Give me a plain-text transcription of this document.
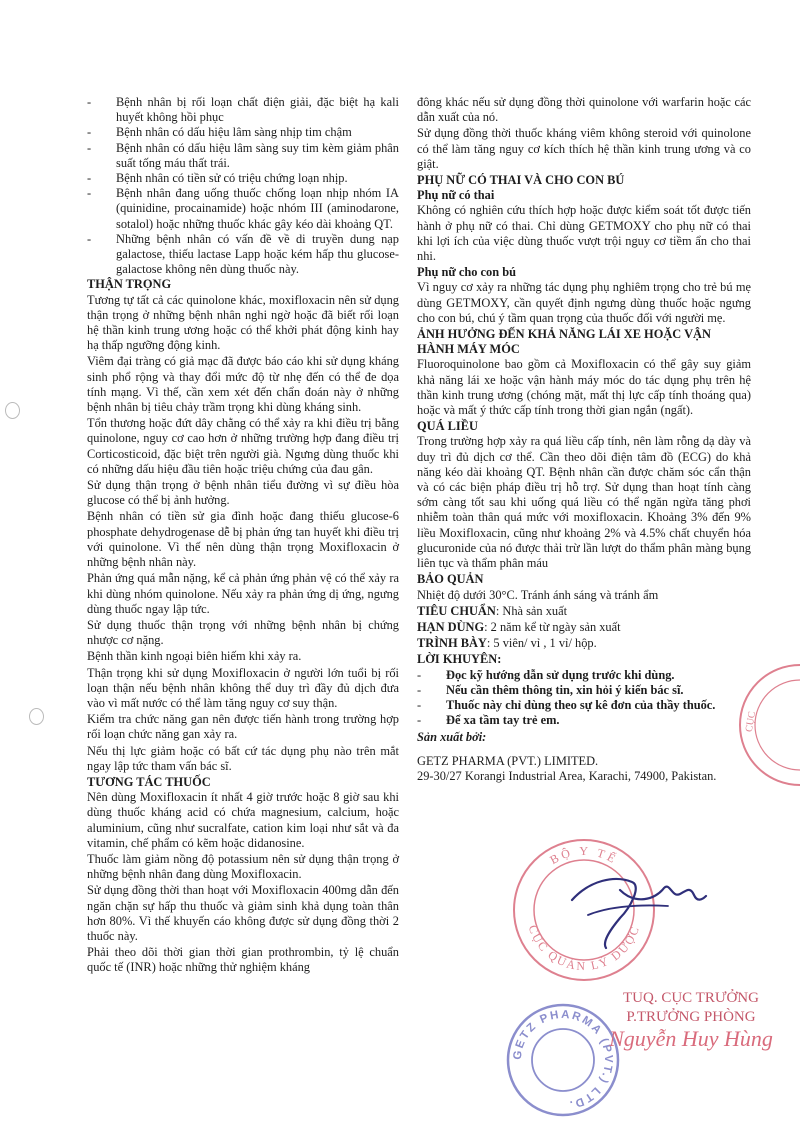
-	Bệnh nhân bị rối loạn chất điện giải, đặc biệt hạ kali huyết không hồi phục
-	Bệnh nhân có dấu hiệu lâm sàng nhịp tim chậm
-	Bệnh nhân có dấu hiệu lâm sàng suy tim kèm giảm phân suất tống máu thất trái.
-	Bệnh nhân có tiền sử có triệu chứng loạn nhịp.
-	Bệnh nhân đang uống thuốc chống loạn nhịp nhóm IA (quinidine, procainamide) hoặc nhóm III (aminodarone, sotalol) hoặc những thuốc khác gây kéo dài khoảng QT.
-	Những bệnh nhân có vấn đề về di truyền dung nạp galactose, thiếu lactase Lapp hoặc kém hấp thu glucose-galactose không nên dùng thuốc này.
THẬN TRỌNG

Tương tự tất cả các quinolone khác, moxifloxacin nên sử dụng thận trọng ở những bệnh nhân nghi ngờ hoặc đã biết rối loạn hệ thần kinh trung ương hoặc có thể khởi phát động kinh hay hạ thấp ngưỡng động kinh.

Viêm đại tràng có giả mạc đã được báo cáo khi sử dụng kháng sinh phổ rộng và thay đổi mức độ từ nhẹ đến có thể đe dọa tính mạng. Vì thế, cần xem xét đến chẩn đoán này ở những bệnh nhân bị tiêu chảy trầm trọng khi dùng kháng sinh.

Tổn thương hoặc đứt dây chằng có thể xảy ra khi điều trị bằng quinolone, nguy cơ cao hơn ở những trường hợp đang điều trị Corticosticoid, đặc biệt trên người già. Ngưng dùng thuốc khi có những dấu hiệu đầu tiên hoặc triệu chứng của đau gân.

Sử dụng thận trọng ở bệnh nhân tiểu đường vì sự điều hòa glucose có thể bị ảnh hưởng.

Bệnh nhân có tiền sử gia đình hoặc đang thiếu glucose-6 phosphate dehydrogenase dễ bị phản ứng tan huyết khi điều trị với quinolone. Vì thế nên dùng thận trọng Moxifloxacin ở những bệnh nhân này.

Phản ứng quá mẫn nặng, kể cả phản ứng phản vệ có thể xảy ra khi dùng nhóm quinolone. Nếu xảy ra phản ứng dị ứng, ngưng dùng thuốc ngay lập tức.

Sử dụng thuốc thận trọng với những bệnh nhân bị chứng nhược cơ nặng.

Bệnh thần kinh ngoại biên hiếm khi xảy ra.

Thận trọng khi sử dụng Moxifloxacin ở người lớn tuổi bị rối loạn thận nếu bệnh nhân không thể duy trì đầy đủ dịch đưa vào vì mất nước có thể làm tăng nguy cơ suy thận.

Kiểm tra chức năng gan nên được tiến hành trong trường hợp rối loạn chức năng gan xảy ra.

Nếu thị lực giảm hoặc có bất cứ tác dụng phụ nào trên mắt ngay lập tức tham vấn bác sĩ.

TƯƠNG TÁC THUỐC

Nên dùng Moxifloxacin ít nhất 4 giờ trước hoặc 8 giờ sau khi dùng thuốc kháng acid có chứa magnesium, calcium, hoặc aluminium, cũng như sucralfate, cation kim loại như sắt và đa vitamin, chế phẩm có kẽm hoặc didanosine.

Thuốc làm giảm nồng độ potassium nên sử dụng thận trọng ở những bệnh nhân đang dùng Moxifloxacin.

Sử dụng đồng thời than hoạt với Moxifloxacin 400mg dẫn đến ngăn chặn sự hấp thu thuốc và giảm sinh khả dụng toàn thân hơn 80%. Vì thế khuyến cáo không được sử dụng đồng thời 2 thuốc này.

Phải theo dõi thời gian thời gian prothrombin, tỷ lệ chuẩn quốc tế (INR) hoặc những thử nghiệm kháng

đông khác nếu sử dụng đồng thời quinolone với warfarin hoặc các dẫn xuất của nó.

Sử dụng đồng thời thuốc kháng viêm không steroid với quinolone có thể làm tăng nguy cơ kích thích hệ thần kinh trung ương và co giật.

PHỤ NỮ CÓ THAI VÀ CHO CON BÚ
Phụ nữ có thai

Không có nghiên cứu thích hợp hoặc được kiểm soát tốt được tiến hành ở phụ nữ có thai. Chỉ dùng GETMOXY cho phụ nữ có thai khi lợi ích của việc dùng thuốc vượt trội nguy cơ tiềm ẩn cho thai nhi.

Phụ nữ cho con bú

Vì nguy cơ xảy ra những tác dụng phụ nghiêm trọng cho trẻ bú mẹ dùng GETMOXY, cần quyết định ngưng dùng thuốc hoặc ngưng cho con bú, chú ý tầm quan trọng của thuốc đối với người mẹ.

ẢNH HƯỞNG ĐẾN KHẢ NĂNG LÁI XE HOẶC VẬN HÀNH MÁY MÓC

Fluoroquinolone bao gồm cả Moxifloxacin có thể gây suy giảm khả năng lái xe hoặc vận hành máy móc do tác dụng phụ trên hệ thần kinh trung ương (chóng mặt, mất thị lực cấp tính thoáng qua) hoặc và mất ý thức cấp tính trong thời gian ngắn (ngất).

QUÁ LIỀU

Trong trường hợp xảy ra quá liều cấp tính, nên làm rỗng dạ dày và duy trì đủ dịch cơ thể. Cần theo dõi điện tâm đồ (ECG) do khả năng kéo dài khoảng QT. Bệnh nhân cần được chăm sóc cẩn thận và có các biện pháp điều trị hỗ trợ. Sử dụng than hoạt tính càng sớm càng tốt sau khi uống quá liều có thể ngăn ngừa tăng phơi nhiễm toàn thân quá mức với moxifloxacin. Khoảng 3% đến 9% liều Moxifloxacin, cũng như khoảng 2% và 4.5% chất chuyển hóa glucuronide của nó được thải trừ lần lượt do thẩm phân màng bụng liên tục và thẩm phân máu

BẢO QUẢN

Nhiệt độ dưới 30°C. Tránh ánh sáng và tránh ẩm

TIÊU CHUẨN: Nhà sản xuất

HẠN DÙNG: 2 năm kể từ ngày sản xuất

TRÌNH BÀY: 5 viên/ vỉ , 1 vỉ/ hộp.

LỜI KHUYÊN:
-	Đọc kỹ hướng dẫn sử dụng trước khi dùng.
-	Nếu cần thêm thông tin, xin hỏi ý kiến bác sĩ.
-	Thuốc này chỉ dùng theo sự kê đơn của thầy thuốc.
-	Để xa tầm tay trẻ em.
Sản xuất bởi:
GETZ PHARMA (PVT.) LIMITED.
29-30/27 Korangi Industrial Area, Karachi, 74900, Pakistan.
BỘ Y TẾ
CỤC QUẢN LÝ DƯỢC
CỤC
GETZ PHARMA (PVT.) LTD.
TUQ. CỤC TRƯỞNG
P.TRƯỞNG PHÒNG
Nguyễn Huy Hùng
